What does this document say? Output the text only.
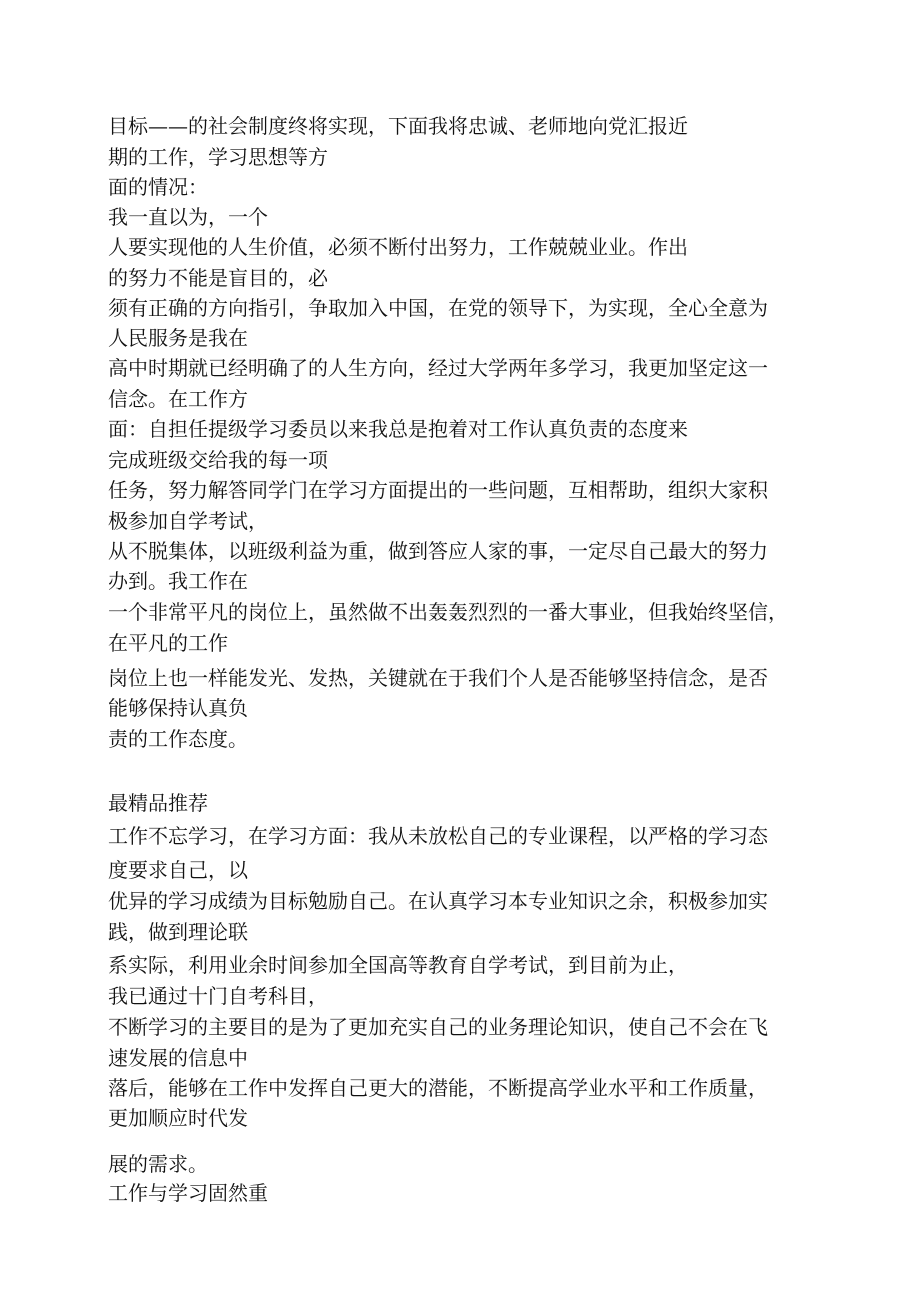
目标——的社会制度终将实现，下面我将忠诚、老师地向党汇报近

期的工作，学习思想等方

面的情况：

我一直以为，一个

人要实现他的人生价值，必须不断付出努力，工作兢兢业业。作出

的努力不能是盲目的，必

须有正确的方向指引，争取加入中国，在党的领导下，为实现，全心全意为

人民服务是我在

高中时期就已经明确了的人生方向，经过大学两年多学习，我更加坚定这一

信念。在工作方

面：自担任提级学习委员以来我总是抱着对工作认真负责的态度来

完成班级交给我的每一项

任务，努力解答同学门在学习方面提出的一些问题，互相帮助，组织大家积

极参加自学考试，

从不脱集体，以班级利益为重，做到答应人家的事，一定尽自己最大的努力

办到。我工作在

一个非常平凡的岗位上，虽然做不出轰轰烈烈的一番大事业，但我始终坚信，

在平凡的工作

岗位上也一样能发光、发热，关键就在于我们个人是否能够坚持信念，是否

能够保持认真负

责的工作态度。

最精品推荐

工作不忘学习，在学习方面：我从未放松自己的专业课程，以严格的学习态

度要求自己，以

优异的学习成绩为目标勉励自己。在认真学习本专业知识之余，积极参加实

践，做到理论联

系实际，利用业余时间参加全国高等教育自学考试，到目前为止，

我已通过十门自考科目，

不断学习的主要目的是为了更加充实自己的业务理论知识，使自己不会在飞

速发展的信息中

落后，能够在工作中发挥自己更大的潜能，不断提高学业水平和工作质量，

更加顺应时代发

展的需求。

工作与学习固然重
